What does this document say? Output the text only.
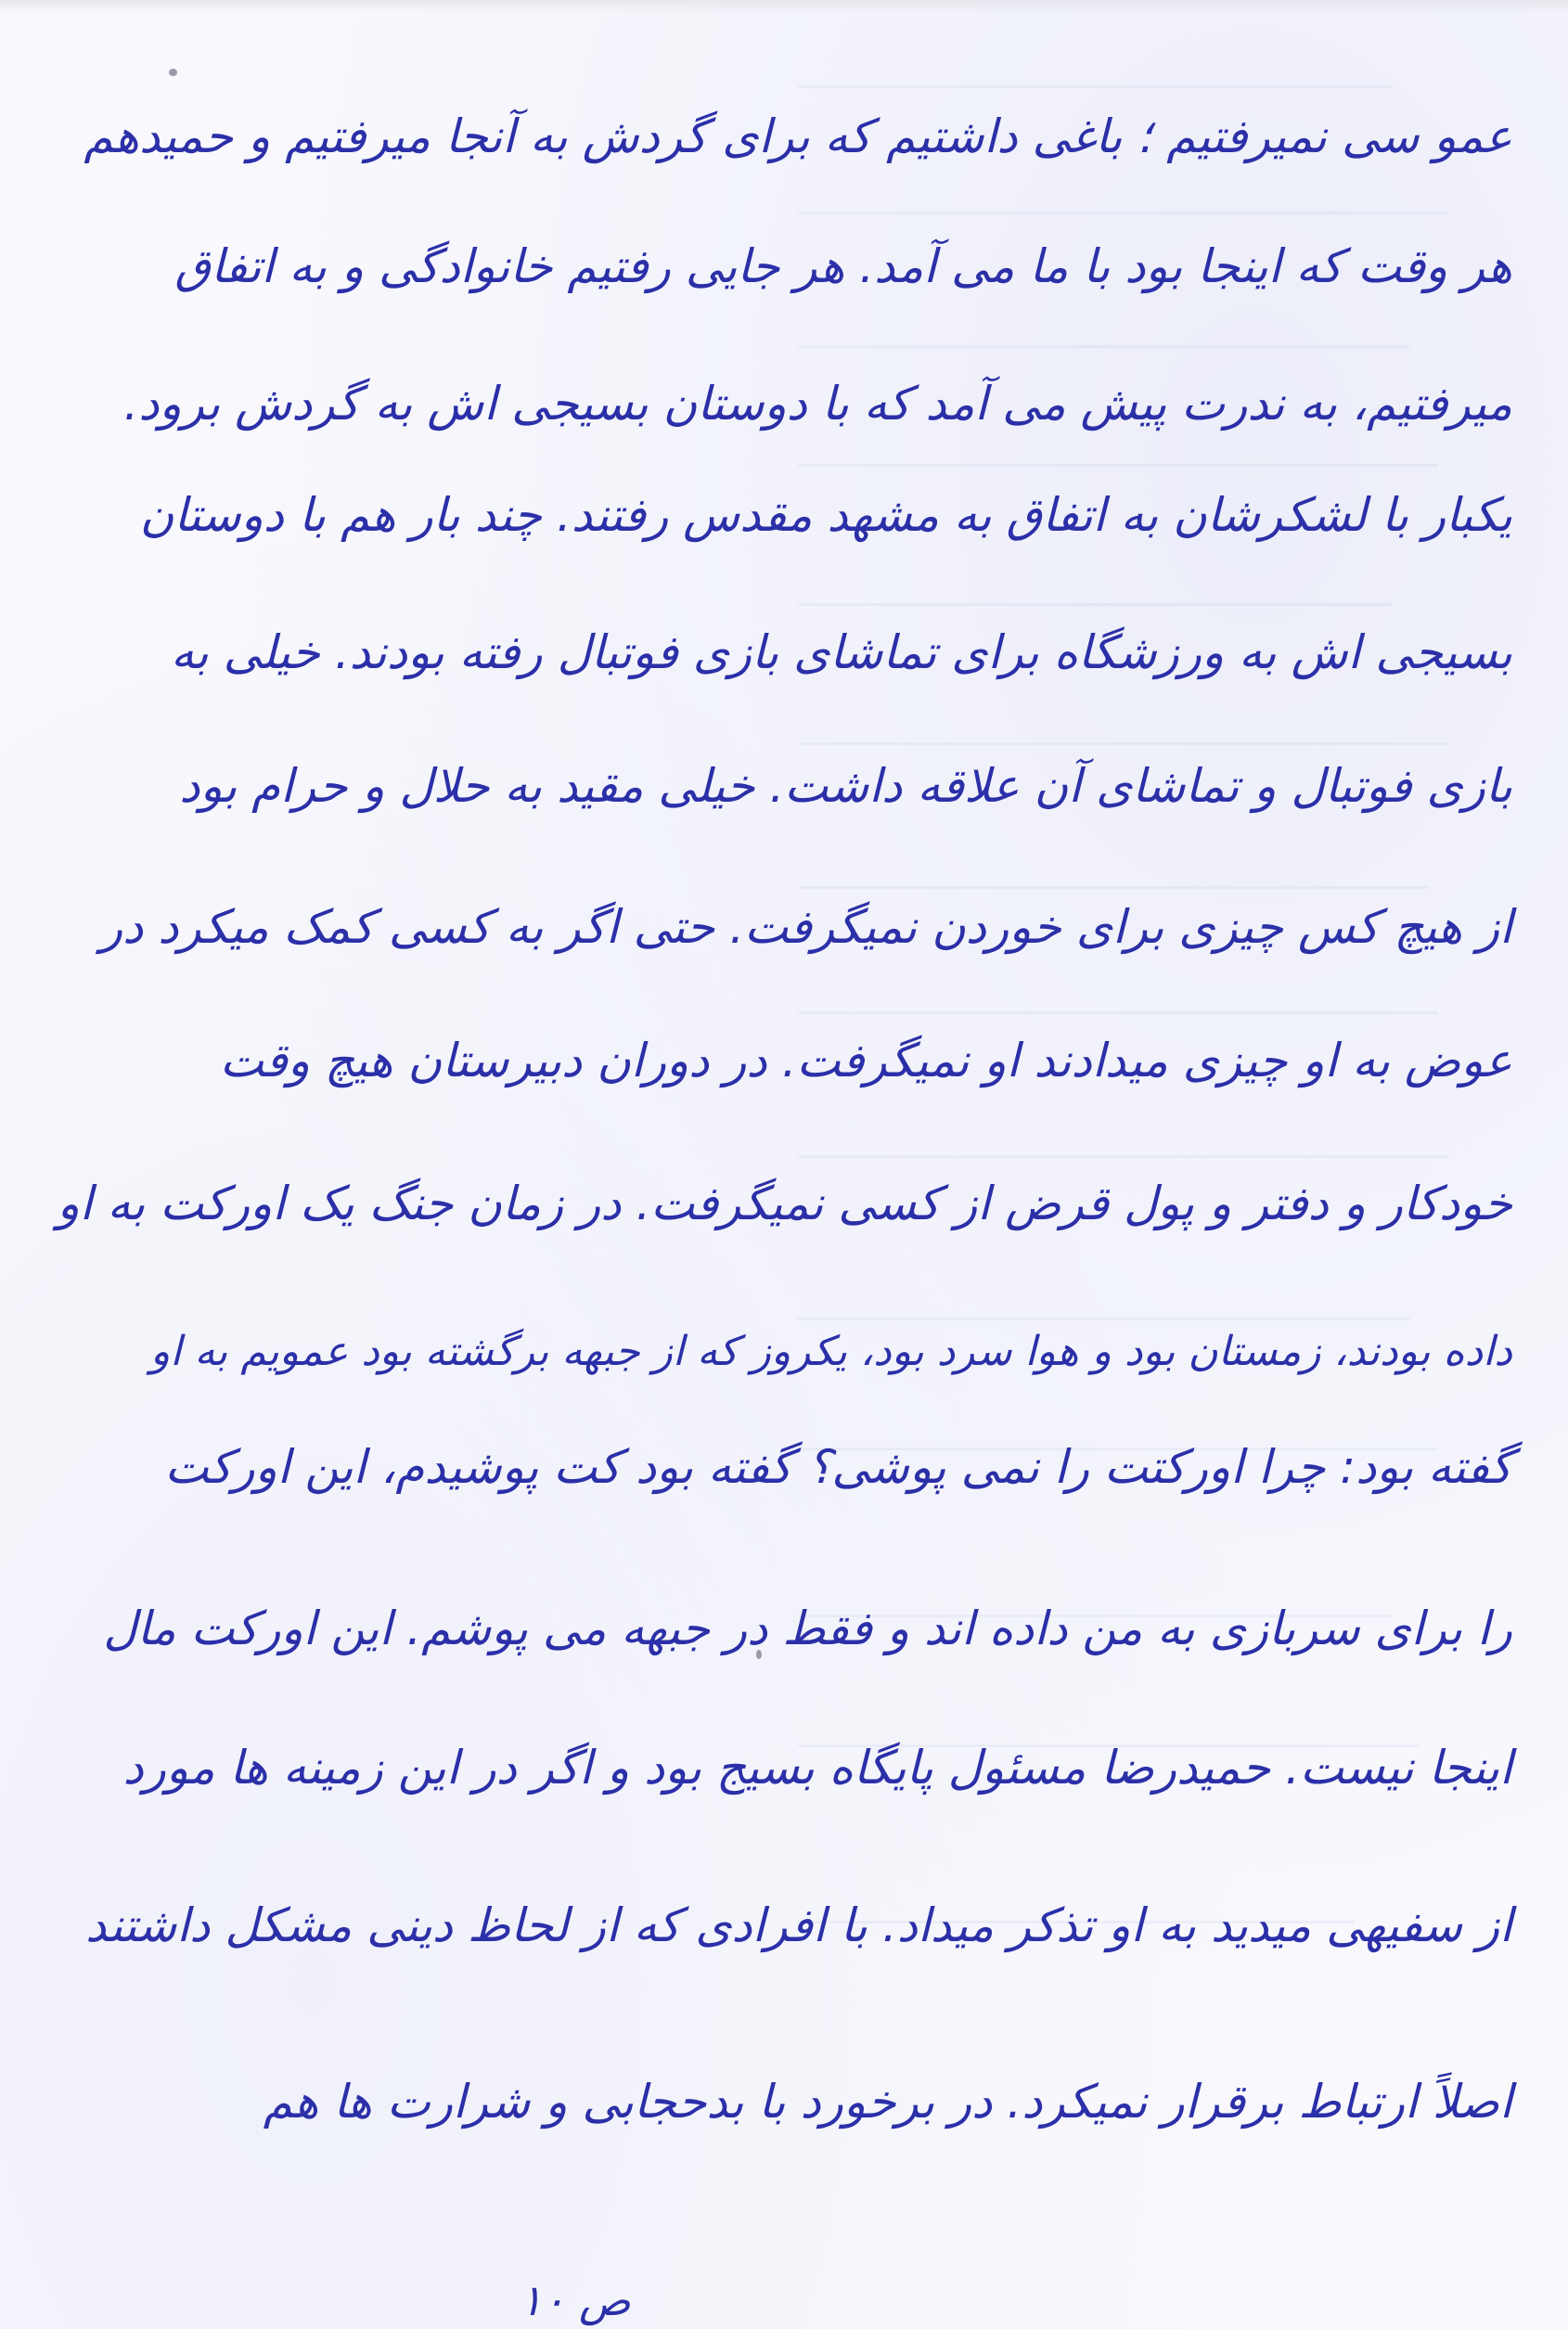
عمو سی نمیرفتیم ؛ باغی داشتیم که برای گردش به آنجا میرفتیم و حمیدهم
هر وقت که اینجا بود با ما می آمد. هر جایی رفتیم خانوادگی و به اتفاق
میرفتیم، به ندرت پیش می آمد که با دوستان بسیجی اش به گردش برود.
یکبار با لشکرشان به اتفاق به مشهد مقدس رفتند. چند بار هم با دوستان
بسیجی اش به ورزشگاه برای تماشای بازی فوتبال رفته بودند. خیلی به
بازی فوتبال و تماشای آن علاقه داشت. خیلی مقید به حلال و حرام بود
از هیچ کس چیزی برای خوردن نمیگرفت. حتی اگر به کسی کمک میکرد در
عوض به او چیزی میدادند او نمیگرفت. در دوران دبیرستان هیچ وقت
خودکار و دفتر و پول قرض از کسی نمیگرفت. در زمان جنگ یک اورکت به او
داده بودند، زمستان بود و هوا سرد بود، یکروز که از جبهه برگشته بود عمویم به او
گفته بود: چرا اورکتت را نمی پوشی؟ گفته بود کت پوشیدم، این اورکت
را برای سربازی به من داده اند و فقط در جبهه می پوشم. این اورکت مال
اینجا نیست. حمیدرضا مسئول پایگاه بسیج بود و اگر در این زمینه ها مورد
از سفیهی میدید به او تذکر میداد. با افرادی که از لحاظ دینی مشکل داشتند
اصلاً ارتباط برقرار نمیکرد. در برخورد با بدحجابی و شرارت ها هم
ص ۱۰
